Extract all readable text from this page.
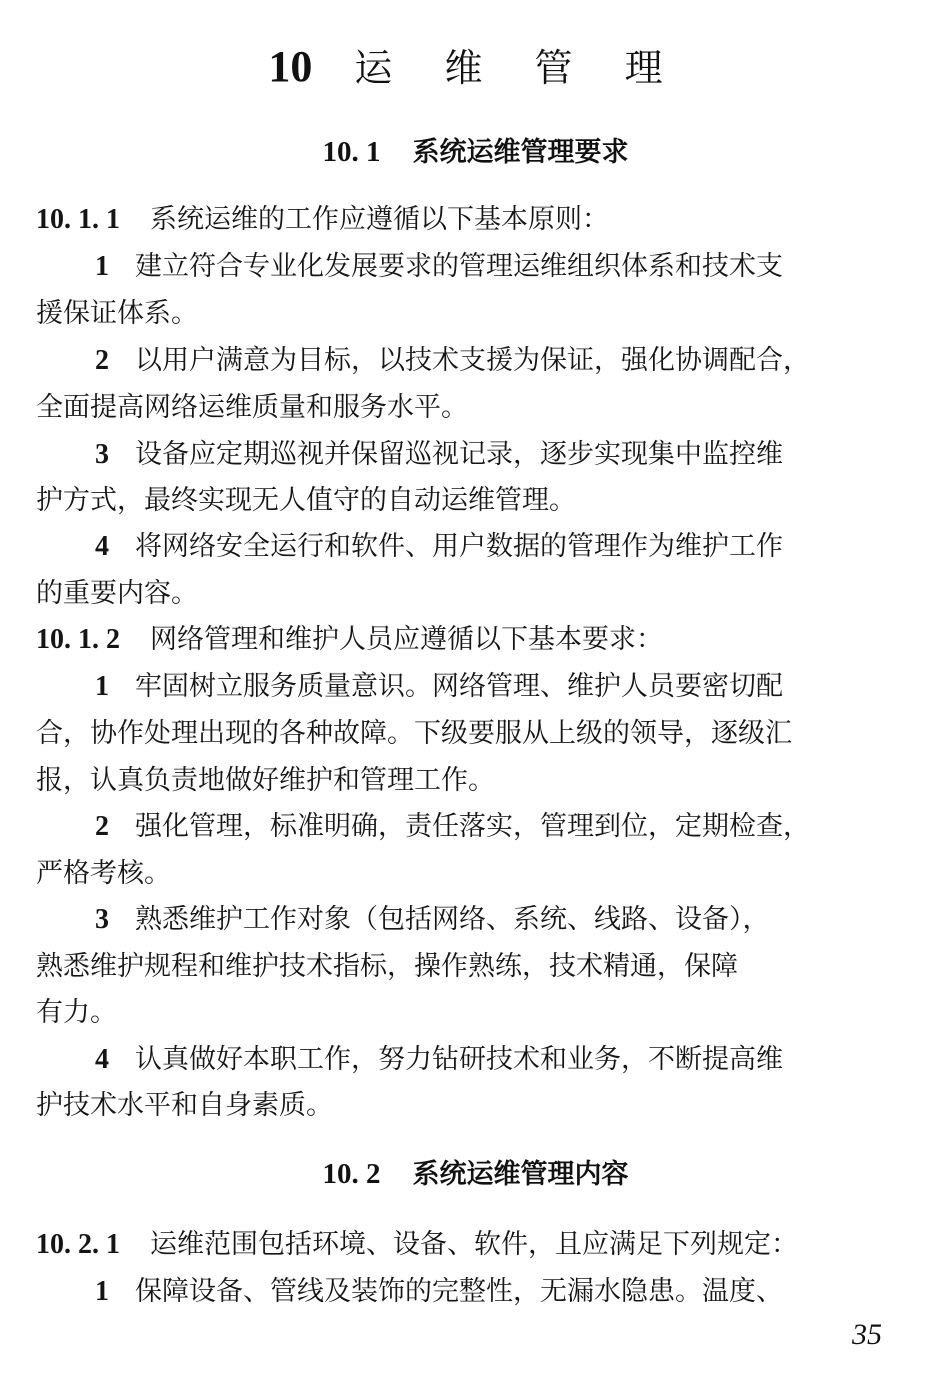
10 运 维 管 理
10. 1 系统运维管理要求
10. 1. 1 系统运维的工作应遵循以下基本原则：
1 建立符合专业化发展要求的管理运维组织体系和技术支
援保证体系。
2 以用户满意为目标，以技术支援为保证，强化协调配合，
全面提高网络运维质量和服务水平。
3 设备应定期巡视并保留巡视记录，逐步实现集中监控维
护方式，最终实现无人值守的自动运维管理。
4 将网络安全运行和软件、用户数据的管理作为维护工作
的重要内容。
10. 1. 2 网络管理和维护人员应遵循以下基本要求：
1 牢固树立服务质量意识。网络管理、维护人员要密切配
合，协作处理出现的各种故障。下级要服从上级的领导，逐级汇
报，认真负责地做好维护和管理工作。
2 强化管理，标准明确，责任落实，管理到位，定期检查，
严格考核。
3 熟悉维护工作对象（包括网络、系统、线路、设备），
熟悉维护规程和维护技术指标，操作熟练，技术精通，保障
有力。
4 认真做好本职工作，努力钻研技术和业务，不断提高维
护技术水平和自身素质。
10. 2 系统运维管理内容
10. 2. 1 运维范围包括环境、设备、软件，且应满足下列规定：
1 保障设备、管线及装饰的完整性，无漏水隐患。温度、
35
